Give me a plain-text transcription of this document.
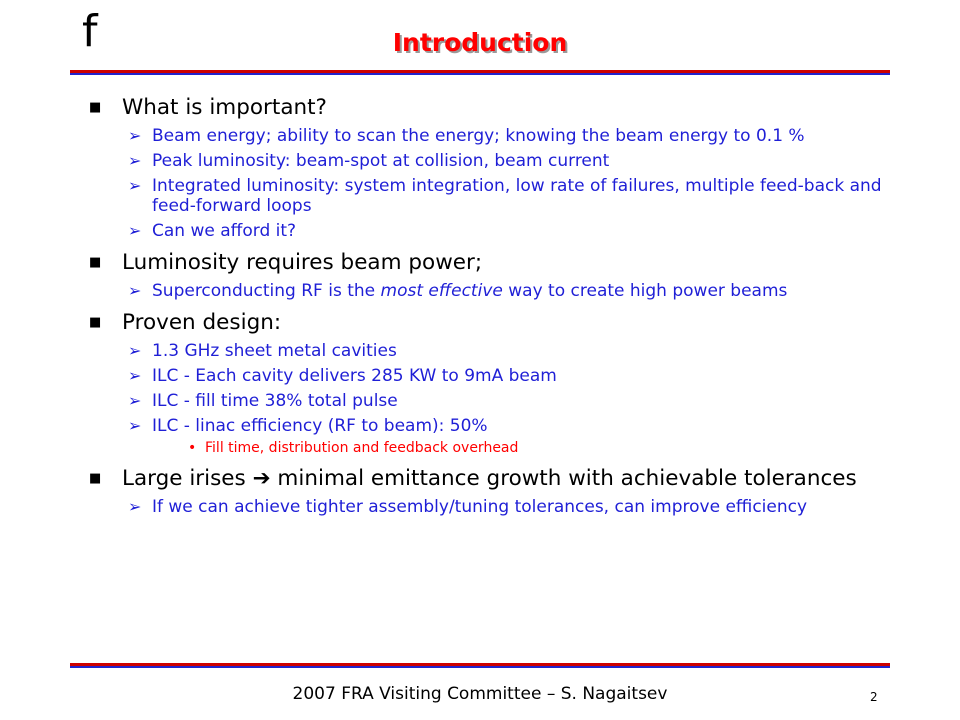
f	Introduction
■ What is important?
➢ Beam energy; ability to scan the energy; knowing the beam energy to 0.1 %
➢ Peak luminosity: beam-spot at collision, beam current
➢ Integrated luminosity: system integration, low rate of failures, multiple feed-back and feed-forward loops
➢ Can we afford it?
■ Luminosity requires beam power;
➢ Superconducting RF is the most effective way to create high power beams
■ Proven design:
➢ 1.3 GHz sheet metal cavities
➢ ILC - Each cavity delivers 285 KW to 9mA beam
➢ ILC - fill time 38% total pulse
➢ ILC - linac efficiency (RF to beam): 50%
• Fill time, distribution and feedback overhead
■ Large irises ➔ minimal emittance growth with achievable tolerances
➢ If we can achieve tighter assembly/tuning tolerances, can improve efficiency
2007 FRA Visiting Committee – S. Nagaitsev	2
